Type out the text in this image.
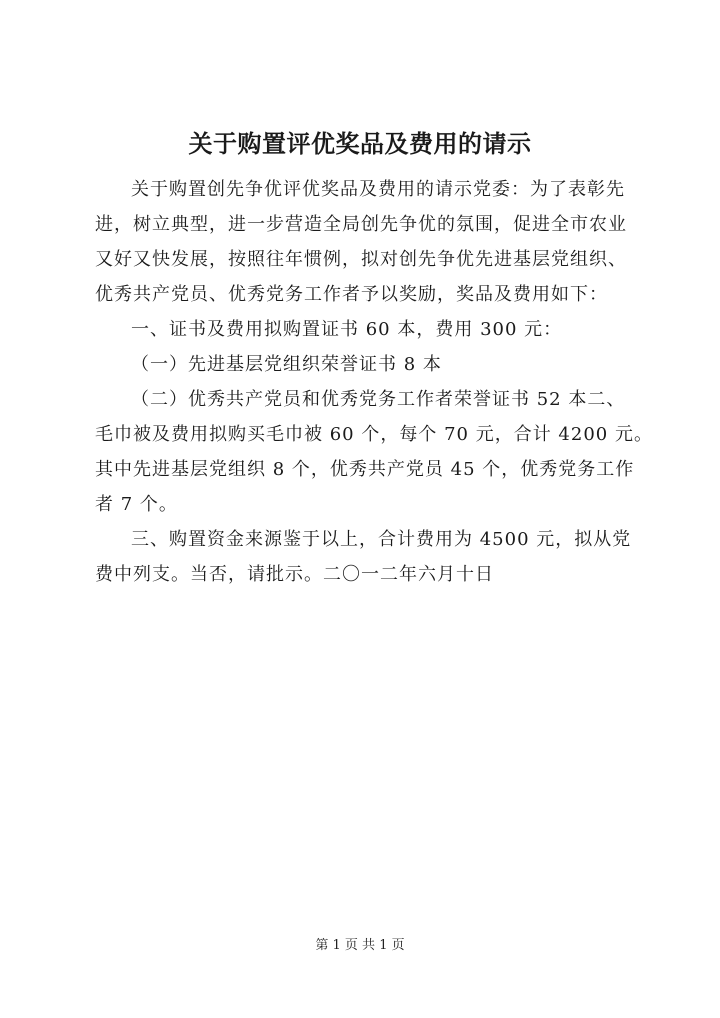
关于购置评优奖品及费用的请示
关于购置创先争优评优奖品及费用的请示党委：为了表彰先
进，树立典型，进一步营造全局创先争优的氛围，促进全市农业
又好又快发展，按照往年惯例，拟对创先争优先进基层党组织、
优秀共产党员、优秀党务工作者予以奖励，奖品及费用如下：
一、证书及费用拟购置证书 60 本，费用 300 元：
（一）先进基层党组织荣誉证书 8 本
（二）优秀共产党员和优秀党务工作者荣誉证书 52 本二、
毛巾被及费用拟购买毛巾被 60 个，每个 70 元，合计 4200 元。
其中先进基层党组织 8 个，优秀共产党员 45 个，优秀党务工作
者 7 个。
三、购置资金来源鉴于以上，合计费用为 4500 元，拟从党
费中列支。当否，请批示。二〇一二年六月十日
第 1 页 共 1 页
